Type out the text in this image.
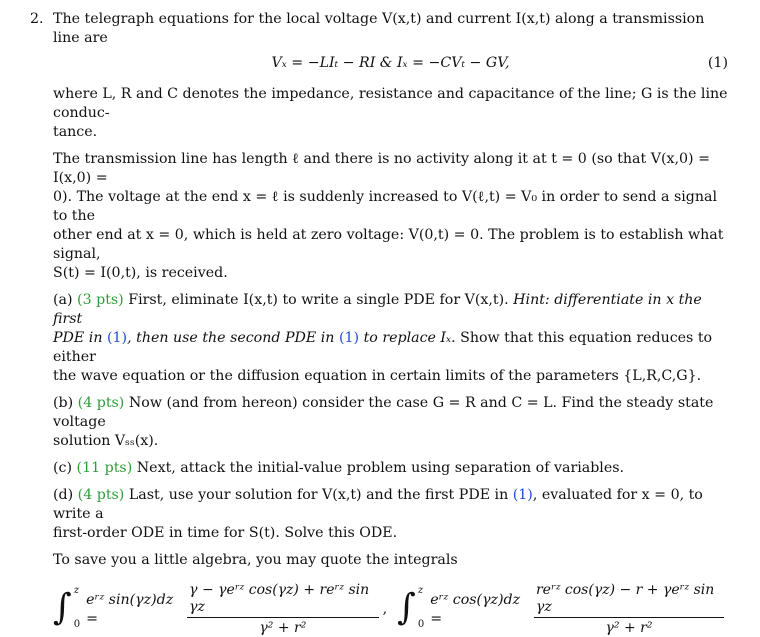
2. The telegraph equations for the local voltage V(x,t) and current I(x,t) along a transmission line are
Vₓ = −LIₜ − RI & Iₓ = −CVₜ − GV,	(1)
where L, R and C denotes the impedance, resistance and capacitance of the line; G is the line conduc-
tance.
The transmission line has length ℓ and there is no activity along it at t = 0 (so that V(x,0) = I(x,0) =
0). The voltage at the end x = ℓ is suddenly increased to V(ℓ,t) = V₀ in order to send a signal to the
other end at x = 0, which is held at zero voltage: V(0,t) = 0. The problem is to establish what signal,
S(t) = I(0,t), is received.
(a) (3 pts) First, eliminate I(x,t) to write a single PDE for V(x,t). Hint: differentiate in x the first
PDE in (1), then use the second PDE in (1) to replace Iₓ. Show that this equation reduces to either
the wave equation or the diffusion equation in certain limits of the parameters {L,R,C,G}.
(b) (4 pts) Now (and from hereon) consider the case G = R and C = L. Find the steady state voltage
solution Vₛₛ(x).
(c) (11 pts) Next, attack the initial-value problem using separation of variables.
(d) (4 pts) Last, use your solution for V(x,t) and the first PDE in (1), evaluated for x = 0, to write a
first-order ODE in time for S(t). Solve this ODE.
To save you a little algebra, you may quote the integrals
∫ z
0
eʳᶻ sin(γz)dz =	$\frac{\text{γ − γeʳᶻ cos(γz) + reʳᶻ sin γz}}{\text{γ² + r²}}$ , ∫ z
0
eʳᶻ cos(γz)dz =	$\frac{\text{reʳᶻ cos(γz) − r + γeʳᶻ sin γz}}{\text{γ² + r²}}$
